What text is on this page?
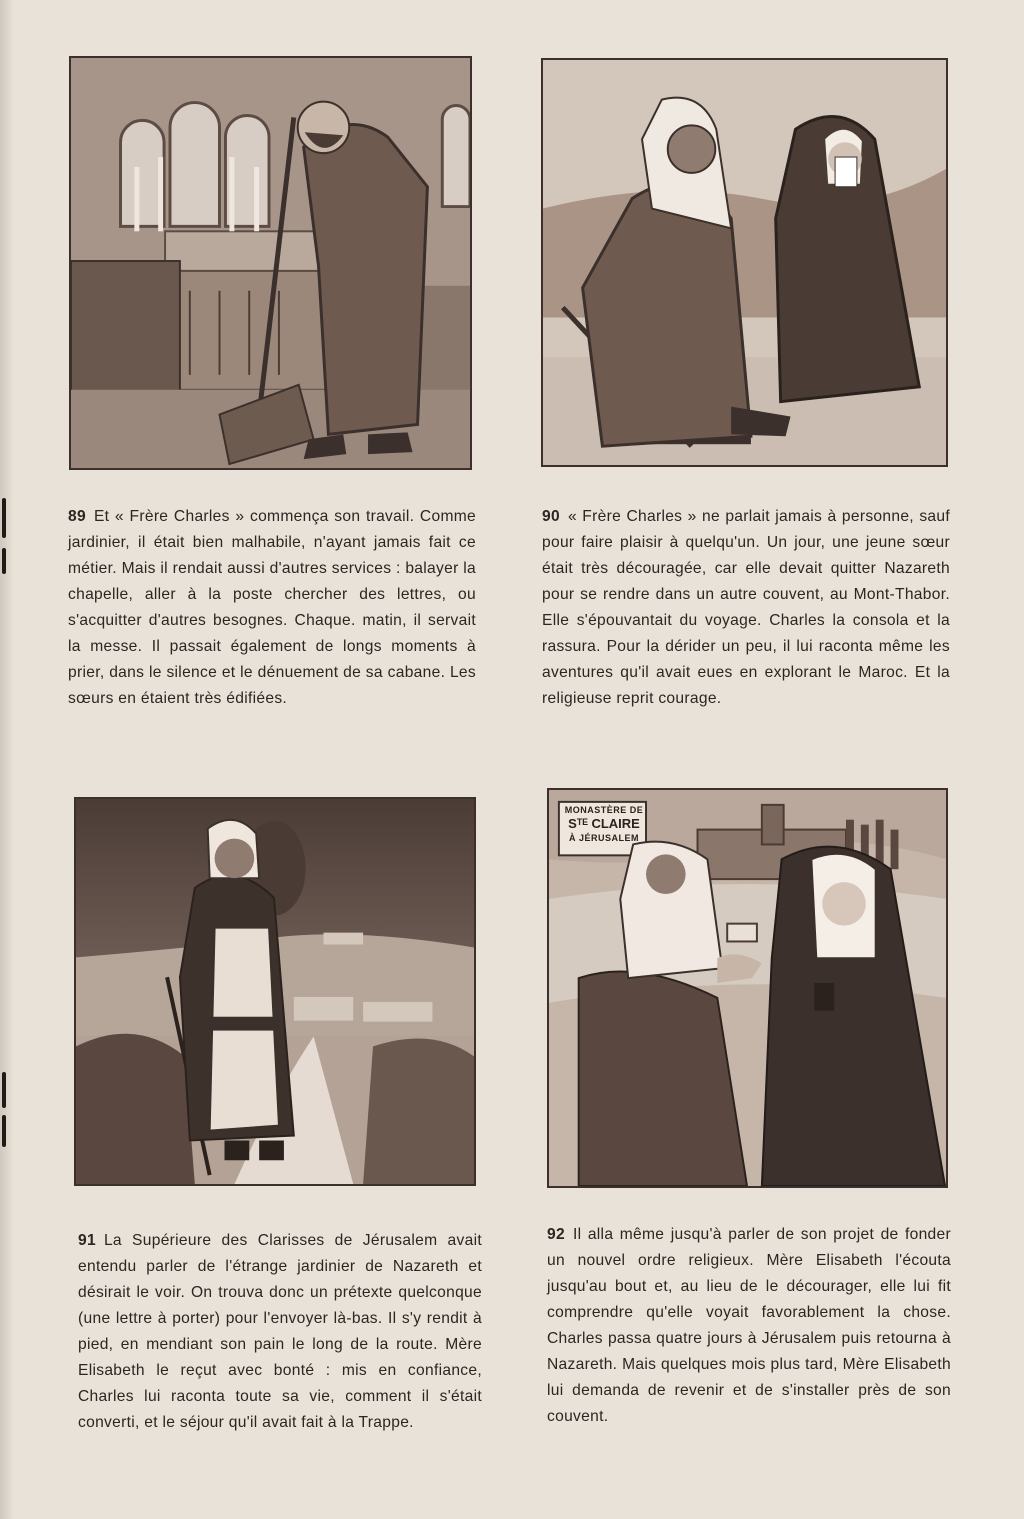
MONASTÈRE DE
Sᵀᴱ CLAIRE
À JÉRUSALEM

89 Et « Frère Charles » commença son travail. Comme jardinier, il était bien malhabile, n'ayant jamais fait ce métier. Mais il rendait aussi d'autres services : balayer la chapelle, aller à la poste chercher des lettres, ou s'acquitter d'autres besognes. Chaque. matin, il servait la messe. Il passait également de longs moments à prier, dans le silence et le dénuement de sa cabane. Les sœurs en étaient très édifiées.

90 « Frère Charles » ne parlait jamais à personne, sauf pour faire plaisir à quelqu'un. Un jour, une jeune sœur était très découragée, car elle devait quitter Nazareth pour se rendre dans un autre couvent, au Mont-Thabor. Elle s'épouvantait du voyage. Charles la consola et la rassura. Pour la dérider un peu, il lui raconta même les aventures qu'il avait eues en explorant le Maroc. Et la religieuse reprit courage.

91 La Supérieure des Clarisses de Jérusalem avait entendu parler de l'étrange jardinier de Nazareth et désirait le voir. On trouva donc un prétexte quelconque (une lettre à porter) pour l'envoyer là-bas. Il s'y rendit à pied, en mendiant son pain le long de la route. Mère Elisabeth le reçut avec bonté : mis en confiance, Charles lui raconta toute sa vie, comment il s'était converti, et le séjour qu'il avait fait à la Trappe.

92 Il alla même jusqu'à parler de son projet de fonder un nouvel ordre religieux. Mère Elisabeth l'écouta jusqu'au bout et, au lieu de le décourager, elle lui fit comprendre qu'elle voyait favorablement la chose. Charles passa quatre jours à Jérusalem puis retourna à Nazareth. Mais quelques mois plus tard, Mère Elisabeth lui demanda de revenir et de s'installer près de son couvent.
